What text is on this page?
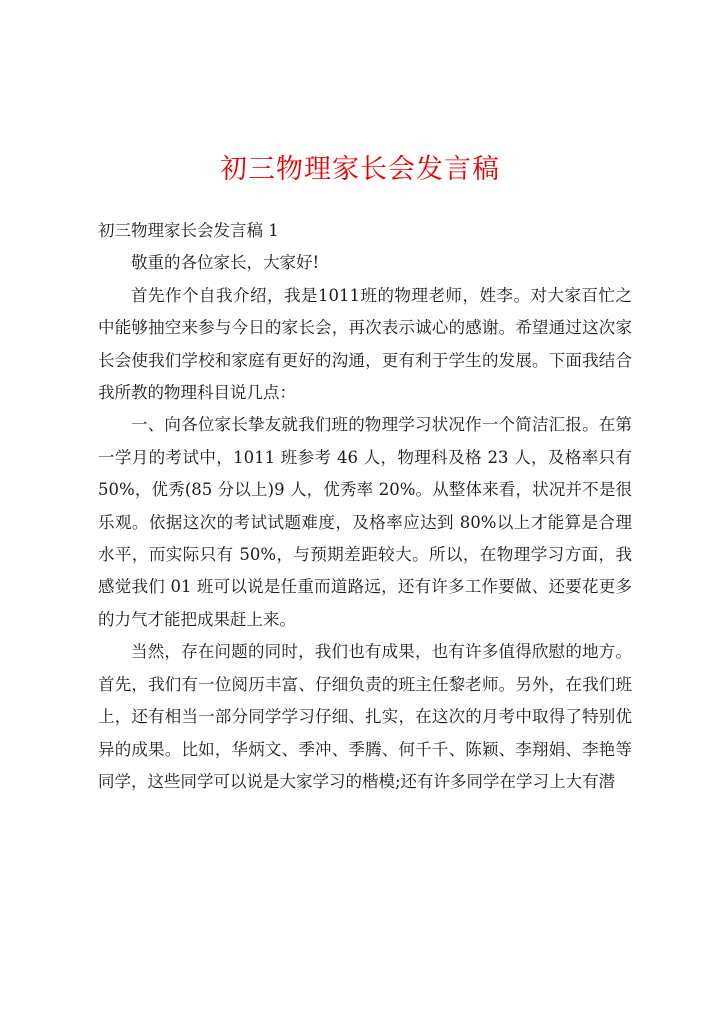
初三物理家长会发言稿

初三物理家长会发言稿 1

敬重的各位家长，大家好!

首先作个自我介绍，我是1011班的物理老师，姓李。对大家百忙之中能够抽空来参与今日的家长会，再次表示诚心的感谢。希望通过这次家长会使我们学校和家庭有更好的沟通，更有利于学生的发展。下面我结合我所教的物理科目说几点：

一、向各位家长挚友就我们班的物理学习状况作一个简洁汇报。在第一学月的考试中，1011 班参考 46 人，物理科及格 23 人，及格率只有 50%，优秀(85 分以上)9 人，优秀率 20%。从整体来看，状况并不是很乐观。依据这次的考试试题难度，及格率应达到 80%以上才能算是合理水平，而实际只有 50%，与预期差距较大。所以，在物理学习方面，我感觉我们 01 班可以说是任重而道路远，还有许多工作要做、还要花更多的力气才能把成果赶上来。

当然，存在问题的同时，我们也有成果，也有许多值得欣慰的地方。首先，我们有一位阅历丰富、仔细负责的班主任黎老师。另外，在我们班上，还有相当一部分同学学习仔细、扎实，在这次的月考中取得了特别优异的成果。比如，华炳文、季冲、季腾、何千千、陈颖、李翔娟、李艳等同学，这些同学可以说是大家学习的楷模;还有许多同学在学习上大有潜
